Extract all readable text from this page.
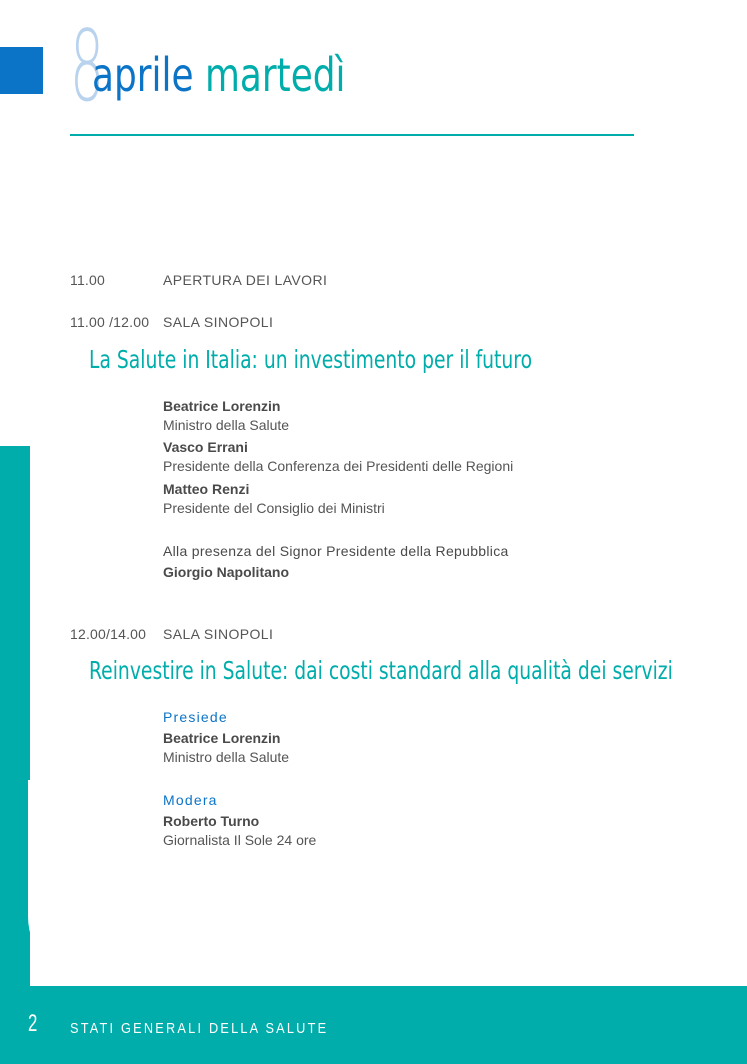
8
aprile martedì
11.00	APERTURA DEI LAVORI
11.00 /12.00 SALA SINOPOLI
La Salute in Italia: un investimento per il futuro
Beatrice Lorenzin
Ministro della Salute
Vasco Errani
Presidente della Conferenza dei Presidenti delle Regioni
Matteo Renzi
Presidente del Consiglio dei Ministri
Alla presenza del Signor Presidente della Repubblica
Giorgio Napolitano
12.00/14.00 SALA SINOPOLI
Reinvestire in Salute: dai costi standard alla qualità dei servizi
Presiede
Beatrice Lorenzin
Ministro della Salute
Modera
Roberto Turno
Giornalista Il Sole 24 ore
2 STATI GENERALI DELLA SALUTE
